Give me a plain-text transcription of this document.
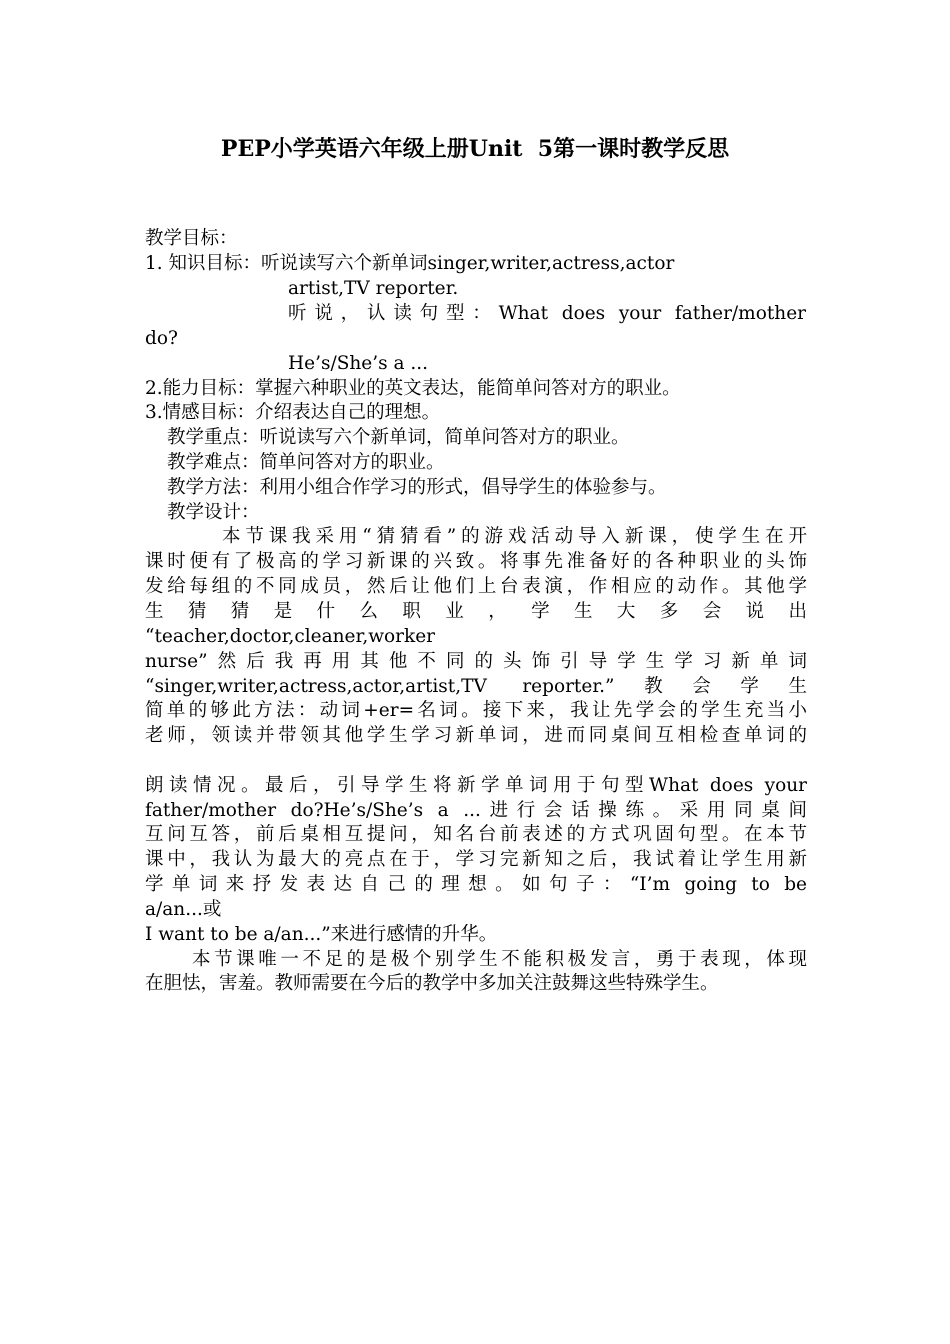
PEP小学英语六年级上册Unit  5第一课时教学反思
教学目标：
1. 知识目标：听说读写六个新单词singer,writer,actress,actor
artist,TV reporter.
听说，认读句型：What does your father/mother
do?
He’s/She’s a ...
2.能力目标：掌握六种职业的英文表达，能简单问答对方的职业。
3.情感目标：介绍表达自己的理想。
教学重点：听说读写六个新单词，简单问答对方的职业。
教学难点：简单问答对方的职业。
教学方法：利用小组合作学习的形式，倡导学生的体验参与。
教学设计：
本节课我采用“猜猜看”的游戏活动导入新课，使学生在开
课时便有了极高的学习新课的兴致。将事先准备好的各种职业的头饰
发给每组的不同成员，然后让他们上台表演，作相应的动作。其他学
生 猜 猜 是 什 么 职 业 ， 学 生 大 多 会 说 出
“teacher,doctor,cleaner,worker
nurse”然后我再用其他不同的头饰引导学生学习新单词
“singer,writer,actress,actor,artist,TV reporter.”教会学生
简单的够此方法：动词+er=名词。接下来，我让先学会的学生充当小
老师，领读并带领其他学生学习新单词，进而同桌间互相检查单词的
朗读情况。最后，引导学生将新学单词用于句型What does your
father/mother do?He’s/She’s a ...进行会话操练。采用同桌间
互问互答，前后桌相互提问，知名台前表述的方式巩固句型。在本节
课中，我认为最大的亮点在于，学习完新知之后，我试着让学生用新
学单词来抒发表达自己的理想。如句子：“I’m going to be
a/an...或
I want to be a/an...”来进行感情的升华。
本节课唯一不足的是极个别学生不能积极发言，勇于表现，体现
在胆怯，害羞。教师需要在今后的教学中多加关注鼓舞这些特殊学生。
